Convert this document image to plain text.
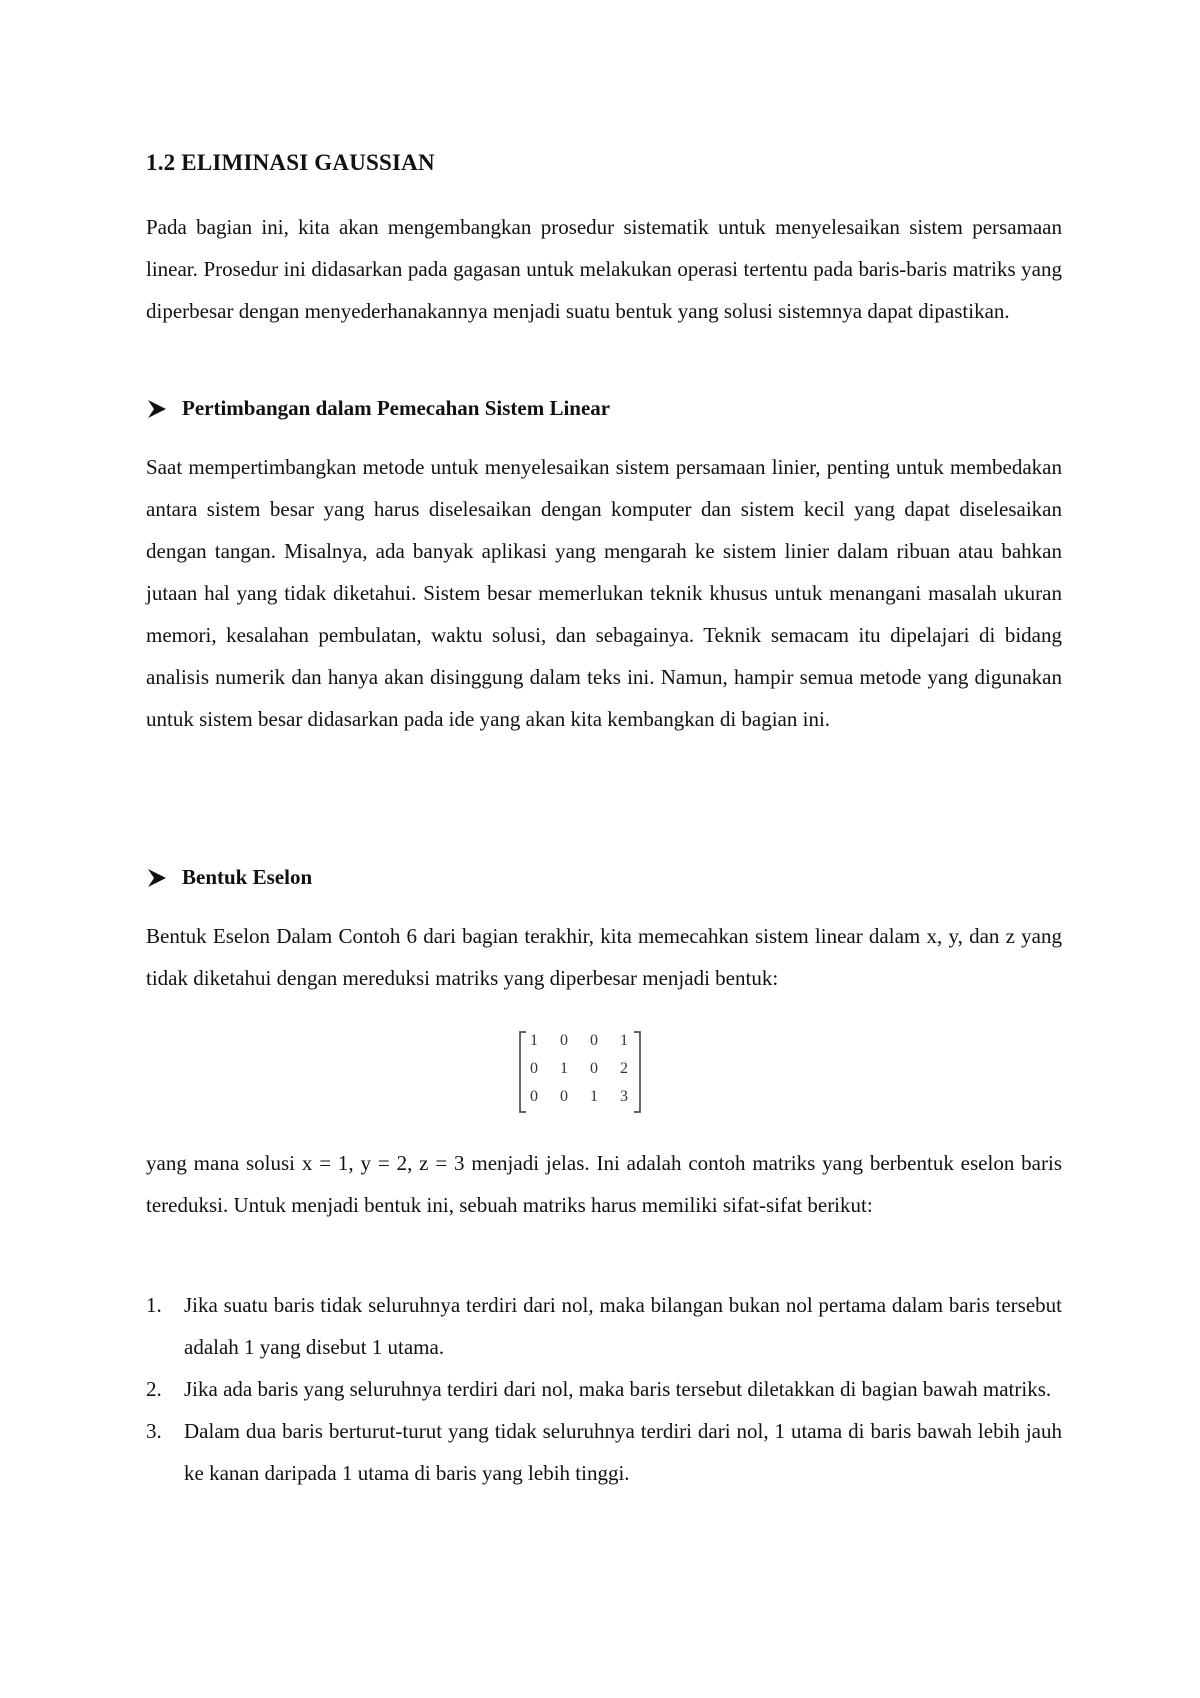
1.2 ELIMINASI GAUSSIAN

Pada bagian ini, kita akan mengembangkan prosedur sistematik untuk menyelesaikan sistem persamaan linear. Prosedur ini didasarkan pada gagasan untuk melakukan operasi tertentu pada baris-baris matriks yang diperbesar dengan menyederhanakannya menjadi suatu bentuk yang solusi sistemnya dapat dipastikan.

Pertimbangan dalam Pemecahan Sistem Linear

Saat mempertimbangkan metode untuk menyelesaikan sistem persamaan linier, penting untuk membedakan antara sistem besar yang harus diselesaikan dengan komputer dan sistem kecil yang dapat diselesaikan dengan tangan. Misalnya, ada banyak aplikasi yang mengarah ke sistem linier dalam ribuan atau bahkan jutaan hal yang tidak diketahui. Sistem besar memerlukan teknik khusus untuk menangani masalah ukuran memori, kesalahan pembulatan, waktu solusi, dan sebagainya. Teknik semacam itu dipelajari di bidang analisis numerik dan hanya akan disinggung dalam teks ini. Namun, hampir semua metode yang digunakan untuk sistem besar didasarkan pada ide yang akan kita kembangkan di bagian ini.

Bentuk Eselon

Bentuk Eselon Dalam Contoh 6 dari bagian terakhir, kita memecahkan sistem linear dalam x, y, dan z yang tidak diketahui dengan mereduksi matriks yang diperbesar menjadi bentuk:

1	0	0	1
0	1	0	2
0	0	1	3

yang mana solusi x = 1, y = 2, z = 3 menjadi jelas. Ini adalah contoh matriks yang berbentuk eselon baris tereduksi. Untuk menjadi bentuk ini, sebuah matriks harus memiliki sifat-sifat berikut:

1. Jika suatu baris tidak seluruhnya terdiri dari nol, maka bilangan bukan nol pertama dalam baris tersebut adalah 1 yang disebut 1 utama.
2. Jika ada baris yang seluruhnya terdiri dari nol, maka baris tersebut diletakkan di bagian bawah matriks.
3. Dalam dua baris berturut-turut yang tidak seluruhnya terdiri dari nol, 1 utama di baris bawah lebih jauh ke kanan daripada 1 utama di baris yang lebih tinggi.
